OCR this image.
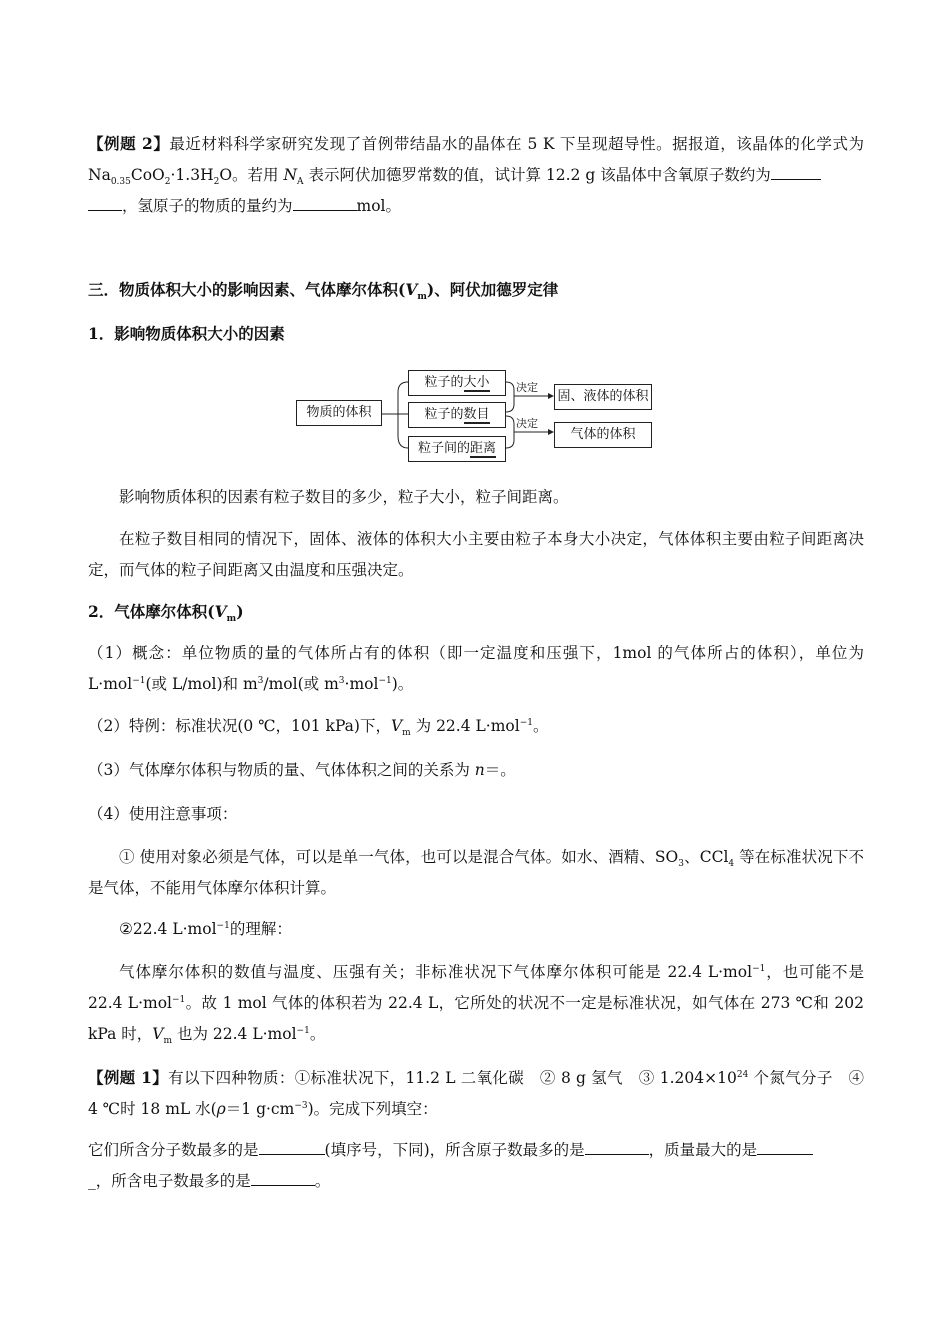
【例题 2】最近材料科学家研究发现了首例带结晶水的晶体在 5 K 下呈现超导性。据报道，该晶体的化学式为 $Na_{0.35}CoO_2\cdot 1.3H_2O$。若用 $N_A$ 表示阿伏加德罗常数的值，试计算 12.2 g 该晶体中含氧原子数约为
，氢原子的物质的量约为	mol。
三．物质体积大小的影响因素、气体摩尔体积$(V_m)$、阿伏加德罗定律
1．影响物质体积大小的因素
物质的体积
粒子的大小
粒子的数目
粒子间的距离
决定
决定
固、液体的体积
气体的体积
影响物质体积的因素有粒子数目的多少，粒子大小，粒子间距离。
在粒子数目相同的情况下，固体、液体的体积大小主要由粒子本身大小决定，气体体积主要由粒子间距离决定，而气体的粒子间距离又由温度和压强决定。
2．气体摩尔体积$(V_m)$
（1）概念：单位物质的量的气体所占有的体积（即一定温度和压强下，1mol 的气体所占的体积），单位为 L·mol$^{-1}$(或 L/mol)和 $m^3/mol$(或 $m^3\cdot mol^{-1}$)。
（2）特例：标准状况(0 ℃，101 kPa)下，$V_m$ 为 22.4 L·mol$^{-1}$。
（3）气体摩尔体积与物质的量、气体体积之间的关系为 n＝。
（4）使用注意事项：
① 使用对象必须是气体，可以是单一气体，也可以是混合气体。如水、酒精、$SO_3$、CCl$_4$ 等在标准状况下不是气体，不能用气体摩尔体积计算。
②22.4 L·mol$^{-1}$的理解：
气体摩尔体积的数值与温度、压强有关；非标准状况下气体摩尔体积可能是 22.4 L·mol$^{-1}$，也可能不是 22.4 L·mol$^{-1}$。故 1 mol 气体的体积若为 22.4 L，它所处的状况不一定是标准状况，如气体在 273 ℃和 202 kPa 时，$V_m$ 也为 22.4 L·mol$^{-1}$。
【例题 1】有以下四种物质：①标准状况下，11.2 L 二氧化碳　② 8 g 氢气　③ $1.204\times 10^{24}$ 个氮气分子　④ 4 ℃时 18 mL 水(ρ＝1 $g\cdot cm^{-3}$)。完成下列填空：
它们所含分子数最多的是	(填序号，下同)，所含原子数最多的是	，质量最大的是
_，所含电子数最多的是	。
